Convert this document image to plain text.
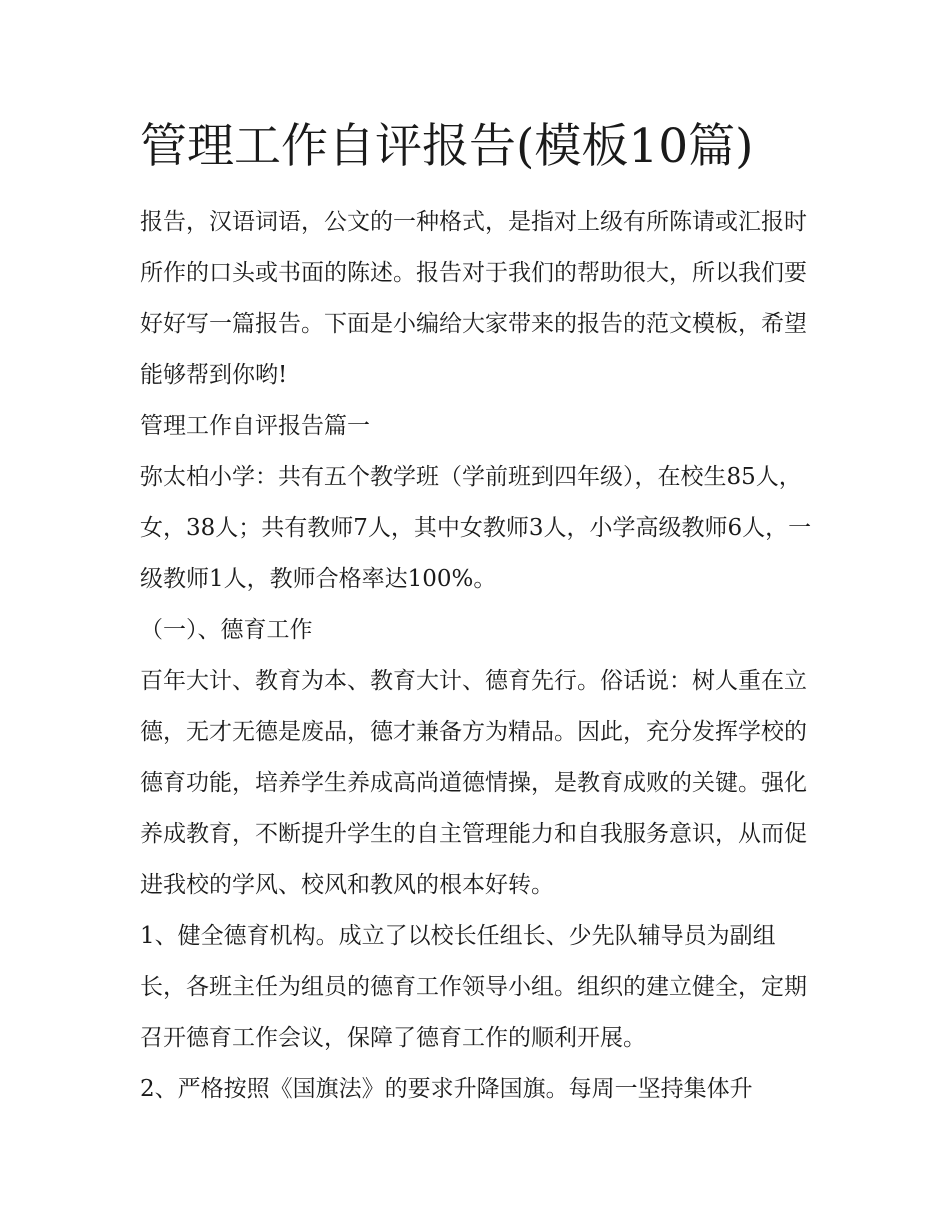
管理工作自评报告(模板10篇)

报告，汉语词语，公文的一种格式，是指对上级有所陈请或汇报时所作的口头或书面的陈述。报告对于我们的帮助很大，所以我们要好好写一篇报告。下面是小编给大家带来的报告的范文模板，希望能够帮到你哟!

管理工作自评报告篇一

弥太柏小学：共有五个教学班（学前班到四年级），在校生85人，女，38人；共有教师7人，其中女教师3人，小学高级教师6人，一级教师1人，教师合格率达100%。

（一）、德育工作

百年大计、教育为本、教育大计、德育先行。俗话说：树人重在立德，无才无德是废品，德才兼备方为精品。因此，充分发挥学校的德育功能，培养学生养成高尚道德情操，是教育成败的关键。强化养成教育，不断提升学生的自主管理能力和自我服务意识，从而促进我校的学风、校风和教风的根本好转。

1、健全德育机构。成立了以校长任组长、少先队辅导员为副组长，各班主任为组员的德育工作领导小组。组织的建立健全，定期召开德育工作会议，保障了德育工作的顺利开展。

2、严格按照《国旗法》的要求升降国旗。每周一坚持集体升
